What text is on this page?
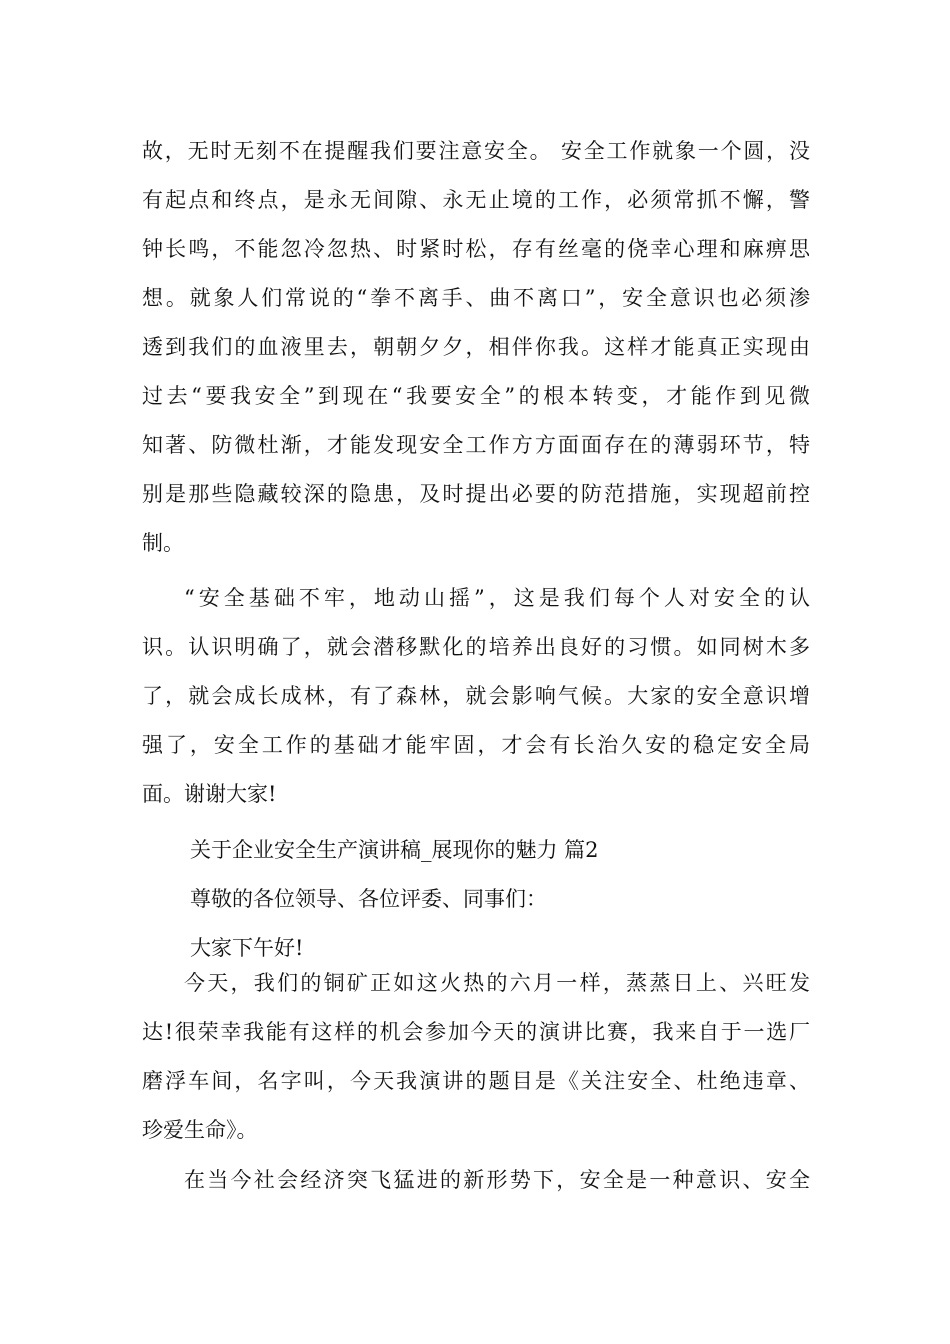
故，无时无刻不在提醒我们要注意安全。 安全工作就象一个圆，没
有起点和终点，是永无间隙、永无止境的工作，必须常抓不懈，警
钟长鸣，不能忽冷忽热、时紧时松，存有丝毫的侥幸心理和麻痹思
想。就象人们常说的“拳不离手、曲不离口”，安全意识也必须渗
透到我们的血液里去，朝朝夕夕，相伴你我。这样才能真正实现由
过去“要我安全”到现在“我要安全”的根本转变，才能作到见微
知著、防微杜渐，才能发现安全工作方方面面存在的薄弱环节，特
别是那些隐藏较深的隐患，及时提出必要的防范措施，实现超前控
制。

“安全基础不牢，地动山摇”，这是我们每个人对安全的认
识。认识明确了，就会潜移默化的培养出良好的习惯。如同树木多
了，就会成长成林，有了森林，就会影响气候。大家的安全意识增
强了，安全工作的基础才能牢固，才会有长治久安的稳定安全局
面。谢谢大家!

关于企业安全生产演讲稿_展现你的魅力 篇2
尊敬的各位领导、各位评委、同事们：
大家下午好!

今天，我们的铜矿正如这火热的六月一样，蒸蒸日上、兴旺发
达!很荣幸我能有这样的机会参加今天的演讲比赛，我来自于一选厂
磨浮车间，名字叫，今天我演讲的题目是《关注安全、杜绝违章、
珍爱生命》。

在当今社会经济突飞猛进的新形势下，安全是一种意识、安全
